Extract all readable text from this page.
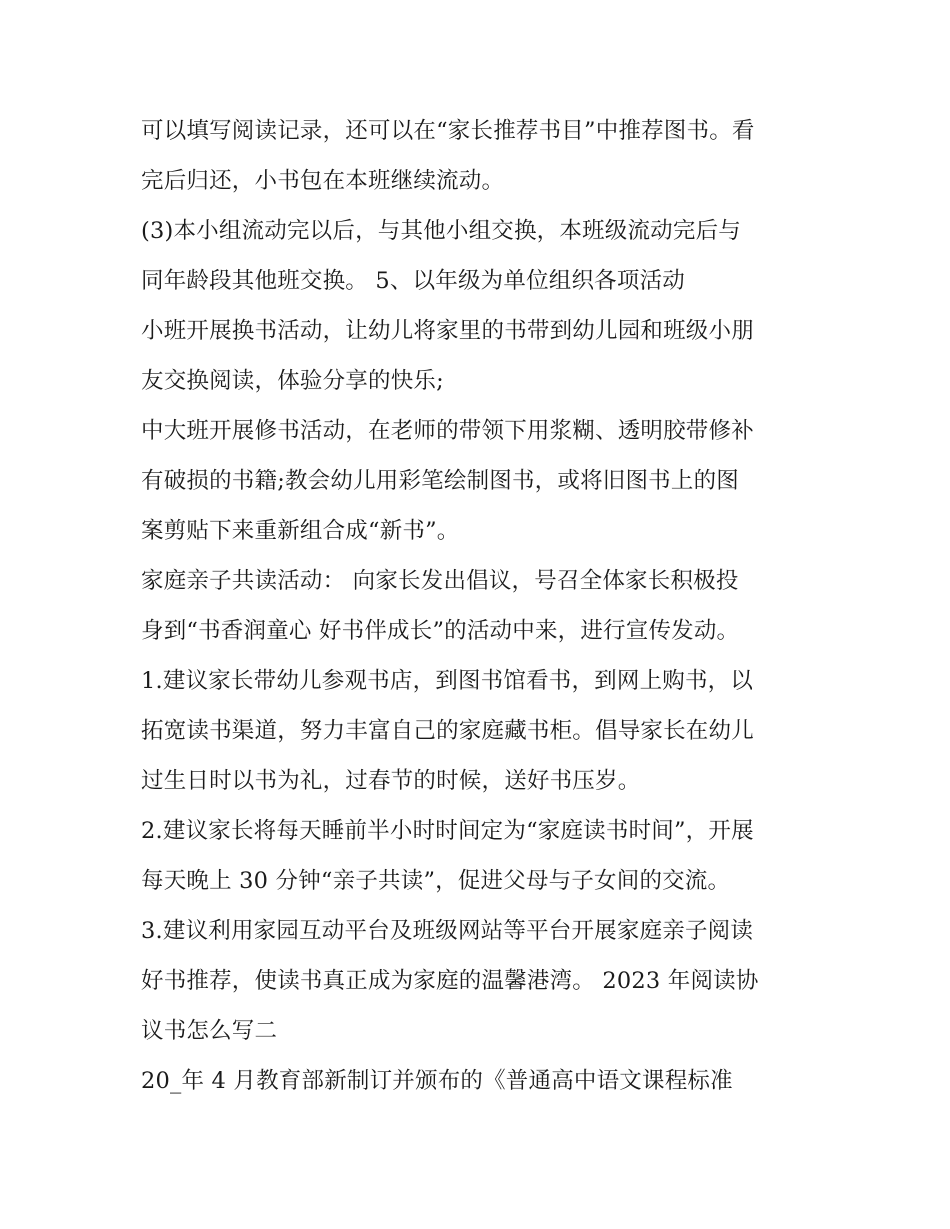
可以填写阅读记录，还可以在“家长推荐书目”中推荐图书。看
完后归还，小书包在本班继续流动。
(3)本小组流动完以后，与其他小组交换，本班级流动完后与
同年龄段其他班交换。 5、以年级为单位组织各项活动
小班开展换书活动，让幼儿将家里的书带到幼儿园和班级小朋
友交换阅读，体验分享的快乐;
中大班开展修书活动，在老师的带领下用浆糊、透明胶带修补
有破损的书籍;教会幼儿用彩笔绘制图书，或将旧图书上的图
案剪贴下来重新组合成“新书”。
家庭亲子共读活动： 向家长发出倡议，号召全体家长积极投
身到“书香润童心 好书伴成长”的活动中来，进行宣传发动。
1.建议家长带幼儿参观书店，到图书馆看书，到网上购书，以
拓宽读书渠道，努力丰富自己的家庭藏书柜。倡导家长在幼儿
过生日时以书为礼，过春节的时候，送好书压岁。
2.建议家长将每天睡前半小时时间定为“家庭读书时间”，开展
每天晚上 30 分钟“亲子共读”，促进父母与子女间的交流。
3.建议利用家园互动平台及班级网站等平台开展家庭亲子阅读
好书推荐，使读书真正成为家庭的温馨港湾。 2023 年阅读协
议书怎么写二
20_年 4 月教育部新制订并颁布的《普通高中语文课程标准
